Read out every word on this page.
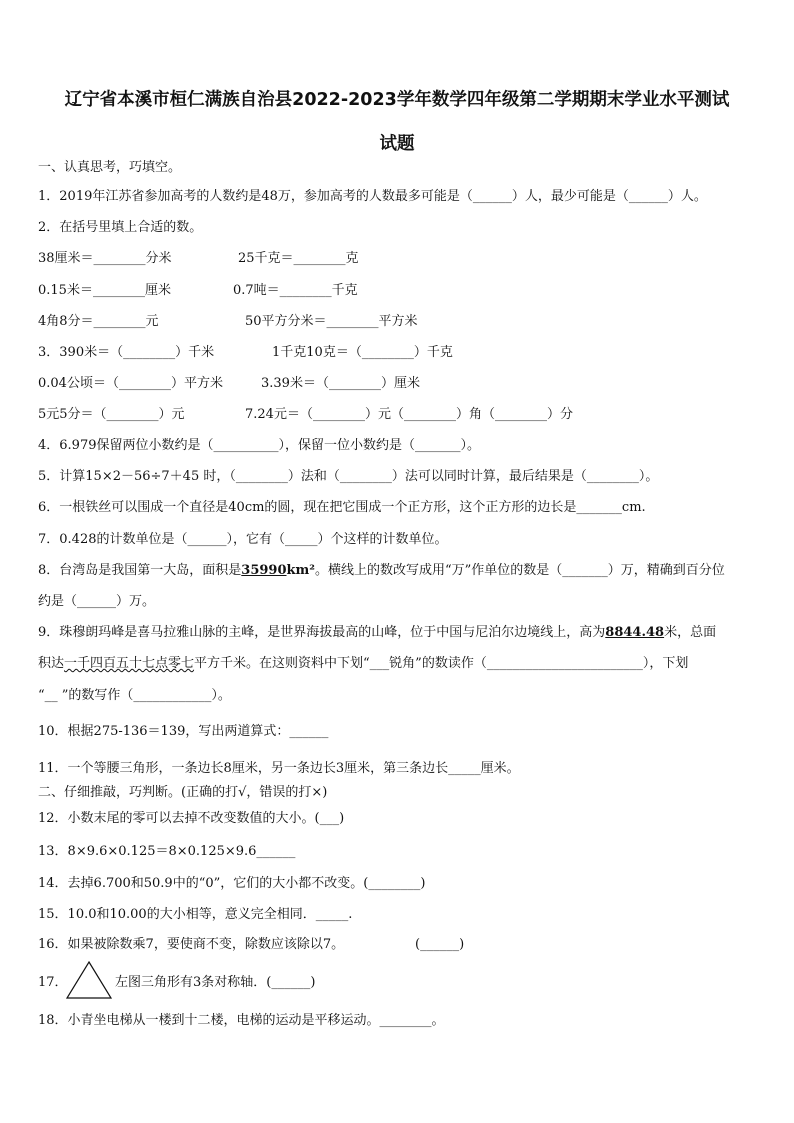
辽宁省本溪市桓仁满族自治县2022-2023学年数学四年级第二学期期末学业水平测试
试题
一、认真思考，巧填空。
1．2019年江苏省参加高考的人数约是48万，参加高考的人数最多可能是（______）人，最少可能是（______）人。
2．在括号里填上合适的数。
38厘米＝________分米	25千克＝________克
0.15米＝________厘米	0.7吨＝________千克
4角8分＝________元	50平方分米＝________平方米
3．390米＝（________）千米	1千克10克＝（________）千克
0.04公顷＝（________）平方米	3.39米＝（________）厘米
5元5分＝（________）元	7.24元＝（________）元（________）角（________）分
4．6.979保留两位小数约是（__________），保留一位小数约是（_______）。
5．计算15×2－56÷7＋45 时，（________）法和（________）法可以同时计算，最后结果是（________）。
6．一根铁丝可以围成一个直径是40cm的圆，现在把它围成一个正方形，这个正方形的边长是_______cm.
7．0.428的计数单位是（______），它有（_____）个这样的计数单位。
8．台湾岛是我国第一大岛，面积是35990km²。横线上的数改写成用“万”作单位的数是（_______）万，精确到百分位
约是（______）万。
9．珠穆朗玛峰是喜马拉雅山脉的主峰，是世界海拔最高的山峰，位于中国与尼泊尔边境线上，高为8844.48米，总面
积达一千四百五十七点零七平方千米。在这则资料中下划“___锐角”的数读作（________________________），下划
“__ ”的数写作（____________）。
10．根据275-136＝139，写出两道算式：______
11．一个等腰三角形，一条边长8厘米，另一条边长3厘米，第三条边长_____厘米。
二、仔细推敲，巧判断。(正确的打√，错误的打×)
12．小数末尾的零可以去掉不改变数值的大小。(___)
13．8×9.6×0.125＝8×0.125×9.6______
14．去掉6.700和50.9中的“0”，它们的大小都不改变。(________)
15．10.0和10.00的大小相等，意义完全相同．_____.
16．如果被除数乘7，要使商不变，除数应该除以7。	(______)
17．	左图三角形有3条对称轴．(______)
18．小青坐电梯从一楼到十二楼，电梯的运动是平移运动。________。
